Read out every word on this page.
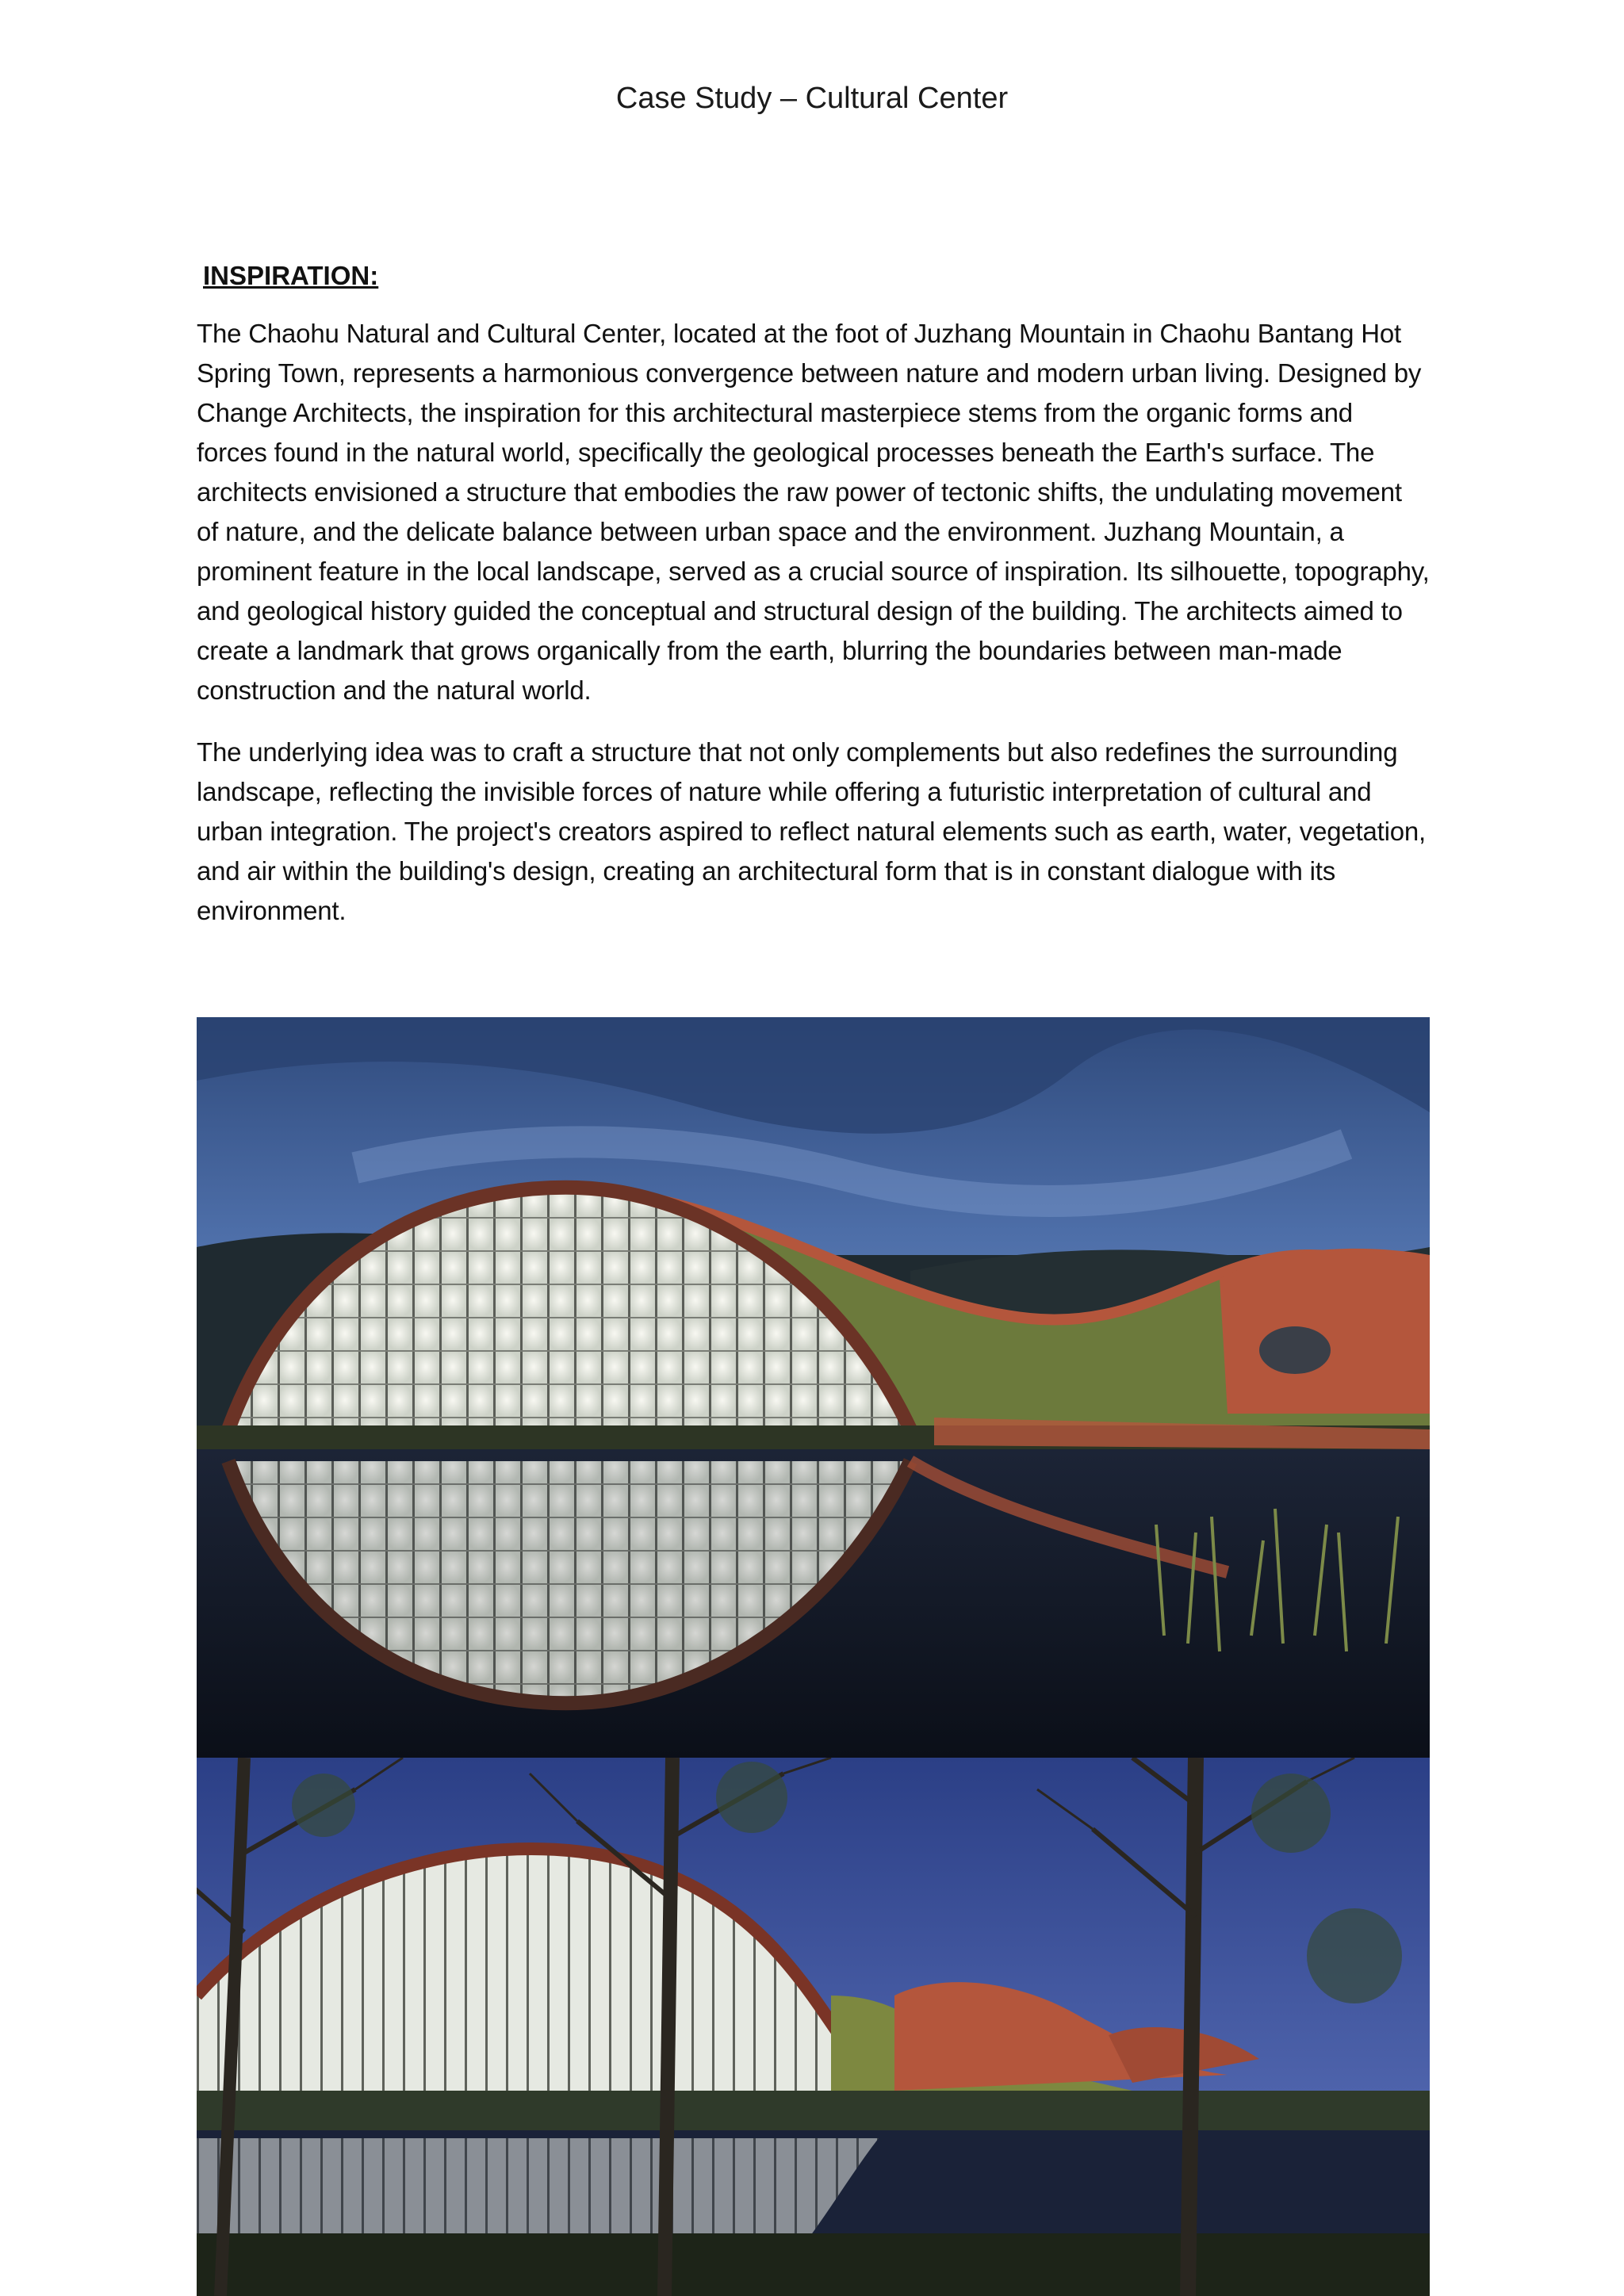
Case Study – Cultural Center
INSPIRATION:

The Chaohu Natural and Cultural Center, located at the foot of Juzhang Mountain in Chaohu Bantang Hot Spring Town, represents a harmonious convergence between nature and modern urban living. Designed by Change Architects, the inspiration for this architectural masterpiece stems from the organic forms and forces found in the natural world, specifically the geological processes beneath the Earth's surface. The architects envisioned a structure that embodies the raw power of tectonic shifts, the undulating movement of nature, and the delicate balance between urban space and the environment. Juzhang Mountain, a prominent feature in the local landscape, served as a crucial source of inspiration. Its silhouette, topography, and geological history guided the conceptual and structural design of the building. The architects aimed to create a landmark that grows organically from the earth, blurring the boundaries between man-made construction and the natural world.

The underlying idea was to craft a structure that not only complements but also redefines the surrounding landscape, reflecting the invisible forces of nature while offering a futuristic interpretation of cultural and urban integration. The project's creators aspired to reflect natural elements such as earth, water, vegetation, and air within the building's design, creating an architectural form that is in constant dialogue with its environment.
